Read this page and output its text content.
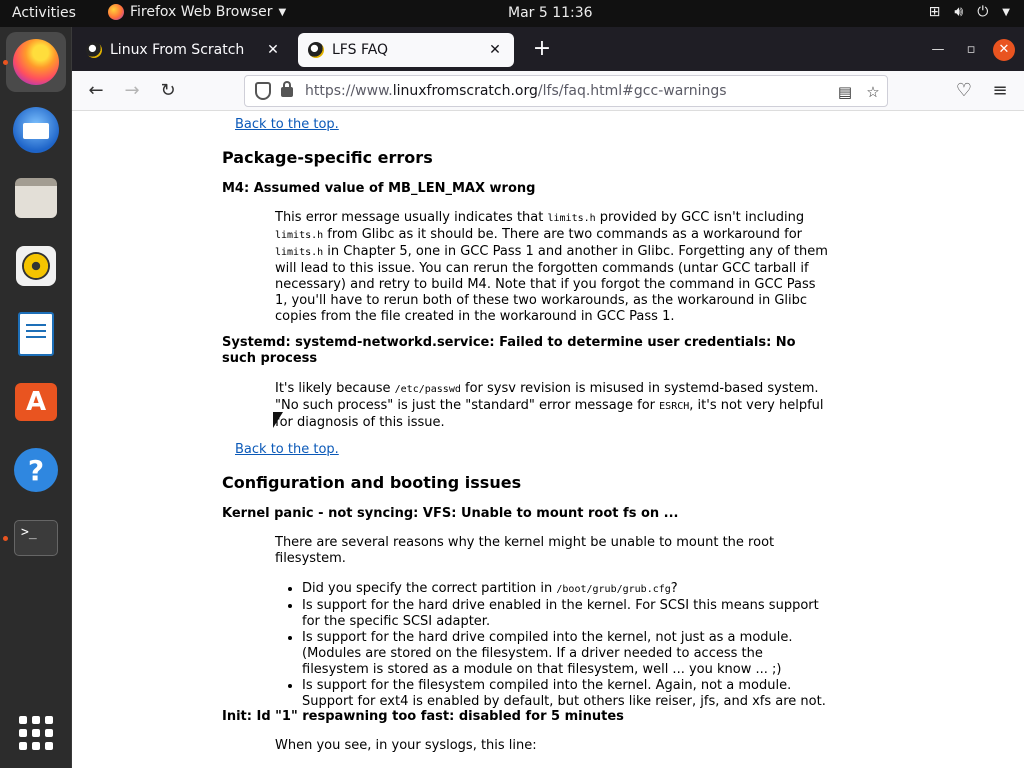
Activities	Firefox Web Browser ▼	Mar 5 11:36	⊞ 🔊︎ ⏻ ▼
A
?
>_
Linux From Scratch	✕	LFS FAQ	✕ +	—	▫	✕
← → ↻	https://www. linuxfromscratch.org /lfs/faq.html#gcc-warnings	▤ ☆	♡ ≡
Back to the top.
Package-specific errors
M4: Assumed value of MB_LEN_MAX wrong
This error message usually indicates that limits.h provided by GCC isn't including limits.h from Glibc as it should be. There are two commands as a workaround for limits.h in Chapter 5, one in GCC Pass 1 and another in Glibc. Forgetting any of them will lead to this issue. You can rerun the forgotten commands (untar GCC tarball if necessary) and retry to build M4. Note that if you forgot the command in GCC Pass 1, you'll have to rerun both of these two workarounds, as the workaround in Glibc copies from the file created in the workaround in GCC Pass 1.
Systemd: systemd-networkd.service: Failed to determine user credentials: No such process
It's likely because /etc/passwd for sysv revision is misused in systemd-based system. "No such process" is just the "standard" error message for ESRCH, it's not very helpful for diagnosis of this issue.
Back to the top.
Configuration and booting issues
Kernel panic - not syncing: VFS: Unable to mount root fs on ...
There are several reasons why the kernel might be unable to mount the root filesystem.
• Did you specify the correct partition in /boot/grub/grub.cfg?
• Is support for the hard drive enabled in the kernel. For SCSI this means support for the specific SCSI adapter.
• Is support for the hard drive compiled into the kernel, not just as a module. (Modules are stored on the filesystem. If a driver needed to access the filesystem is stored as a module on that filesystem, well ... you know ... ;)
• Is support for the filesystem compiled into the kernel. Again, not a module. Support for ext4 is enabled by default, but others like reiser, jfs, and xfs are not.
Init: Id "1" respawning too fast: disabled for 5 minutes
When you see, in your syslogs, this line:
